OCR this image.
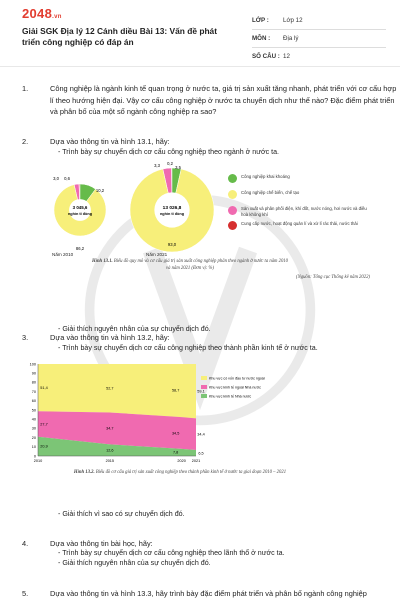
2048.vn
Giải SGK Địa lý 12 Cánh diều Bài 13: Vấn đề phát triển công nghiệp có đáp án
LỚP :	Lớp 12
MÔN :	Địa lý
SỐ CÂU : 12
1.	Công nghiệp là ngành kinh tế quan trọng ở nước ta, giá trị sản xuất tăng nhanh, phát triển với cơ cấu hợp lí theo hướng hiện đại. Vậy cơ cấu công nghiệp ở nước ta chuyển dịch như thế nào? Đặc điểm phát triển và phân bố của một số ngành công nghiệp ra sao?
2.	Dựa vào thông tin và hình 13.1, hãy:
- Trình bày sự chuyển dịch cơ cấu công nghiệp theo ngành ở nước ta.
- Giải thích nguyên nhân của sự chuyển dịch đó.
3 045,6
nghìn tỉ đồng
3,0 0,6
10,2
86,2
13 026,8
nghìn tỉ đồng
3,3 0,2
3,5
93,0
Năm 2010	Năm 2021
Công nghiệp khai khoáng
Công nghiệp chế biến, chế tạo
Sản xuất và phân phối điện, khí đốt, nước nóng, hơi nước và điều hoà không khí
Cung cấp nước, hoạt động quản lí và xử lí rác thải, nước thải
Hình 13.1. Biểu đồ quy mô và cơ cấu giá trị sản xuất công nghiệp phân theo ngành ở nước ta năm 2010 và năm 2021 (Đơn vị: %)
(Nguồn: Tổng cục Thống kê năm 2022)
3.	Dựa vào thông tin và hình 13.2, hãy:
- Trình bày sự chuyển dịch cơ cấu công nghiệp theo thành phần kinh tế ở nước ta.
- Giải thích vì sao có sự chuyển dịch đó.
100
90
80
70
60
50
40
30
20
10
0
2010	2015	2020 2021
51,4	52,7	58,7	59,1
27,7
34,7
34,5	34,4
20,9
12,6
7,8	6,5
Khu vực có vốn đầu tư nước ngoài
Khu vực kinh tế ngoài Nhà nước
Khu vực kinh tế Nhà nước
Hình 13.2. Biểu đồ cơ cấu giá trị sản xuất công nghiệp theo thành phần kinh tế ở nước ta giai đoạn 2010 – 2021
4.	Dựa vào thông tin bài học, hãy:
- Trình bày sự chuyển dịch cơ cấu công nghiệp theo lãnh thổ ở nước ta.
- Giải thích nguyên nhân của sự chuyển dịch đó.
5.	Dựa vào thông tin và hình 13.3, hãy trình bày đặc điểm phát triển và phân bố ngành công nghiệp
